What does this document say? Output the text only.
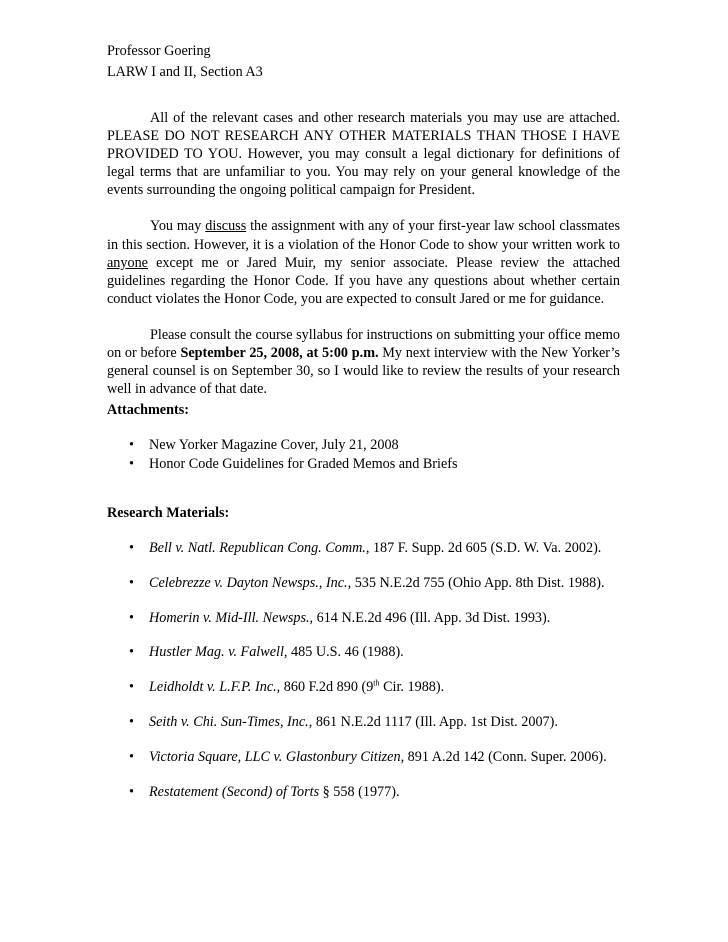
Professor Goering
LARW I and II, Section A3

All of the relevant cases and other research materials you may use are attached. PLEASE DO NOT RESEARCH ANY OTHER MATERIALS THAN THOSE I HAVE PROVIDED TO YOU. However, you may consult a legal dictionary for definitions of legal terms that are unfamiliar to you. You may rely on your general knowledge of the events surrounding the ongoing political campaign for President.

You may discuss the assignment with any of your first-year law school classmates in this section. However, it is a violation of the Honor Code to show your written work to anyone except me or Jared Muir, my senior associate. Please review the attached guidelines regarding the Honor Code. If you have any questions about whether certain conduct violates the Honor Code, you are expected to consult Jared or me for guidance.

Please consult the course syllabus for instructions on submitting your office memo on or before September 25, 2008, at 5:00 p.m. My next interview with the New Yorker’s general counsel is on September 30, so I would like to review the results of your research well in advance of that date.

Attachments:
•	New Yorker Magazine Cover, July 21, 2008
•	Honor Code Guidelines for Graded Memos and Briefs
Research Materials:
•	Bell v. Natl. Republican Cong. Comm., 187 F. Supp. 2d 605 (S.D. W. Va. 2002).
•	Celebrezze v. Dayton Newsps., Inc., 535 N.E.2d 755 (Ohio App. 8th Dist. 1988).
•	Homerin v. Mid-Ill. Newsps., 614 N.E.2d 496 (Ill. App. 3d Dist. 1993).
•	Hustler Mag. v. Falwell, 485 U.S. 46 (1988).
•	Leidholdt v. L.F.P. Inc., 860 F.2d 890 (9th Cir. 1988).
•	Seith v. Chi. Sun-Times, Inc., 861 N.E.2d 1117 (Ill. App. 1st Dist. 2007).
•	Victoria Square, LLC v. Glastonbury Citizen, 891 A.2d 142 (Conn. Super. 2006).
•	Restatement (Second) of Torts § 558 (1977).
